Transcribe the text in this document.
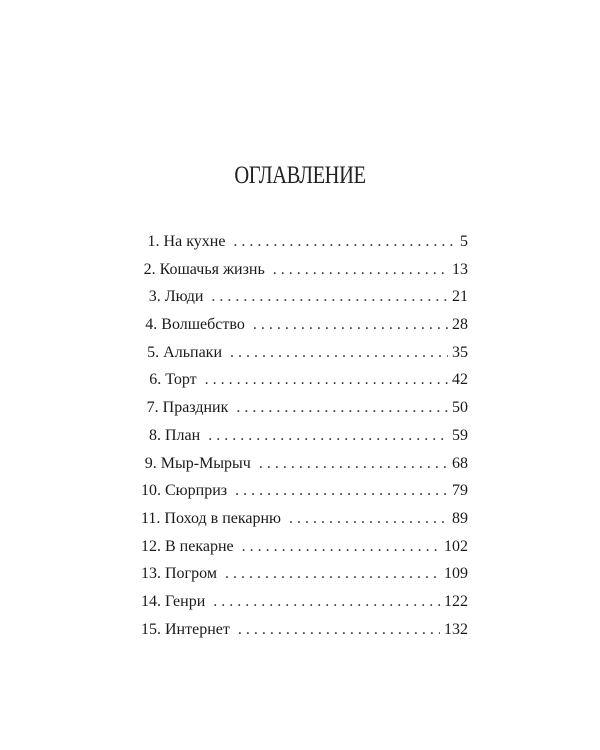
ОГЛАВЛЕНИЕ
1. На кухне . . .	5
2. Кошачья жизнь . . .	13
3. Люди . . .	21
4. Волшебство . . .	28
5. Альпаки . . .	35
6. Торт . . .	42
7. Праздник . . .	50
8. План . . .	59
9. Мыр-Мырыч . . .	68
10. Сюрприз . . .	79
11. Поход в пекарню . . .	89
12. В пекарне . . .	102
13. Погром . . .	109
14. Генри . . .	122
15. Интернет . . .	132
